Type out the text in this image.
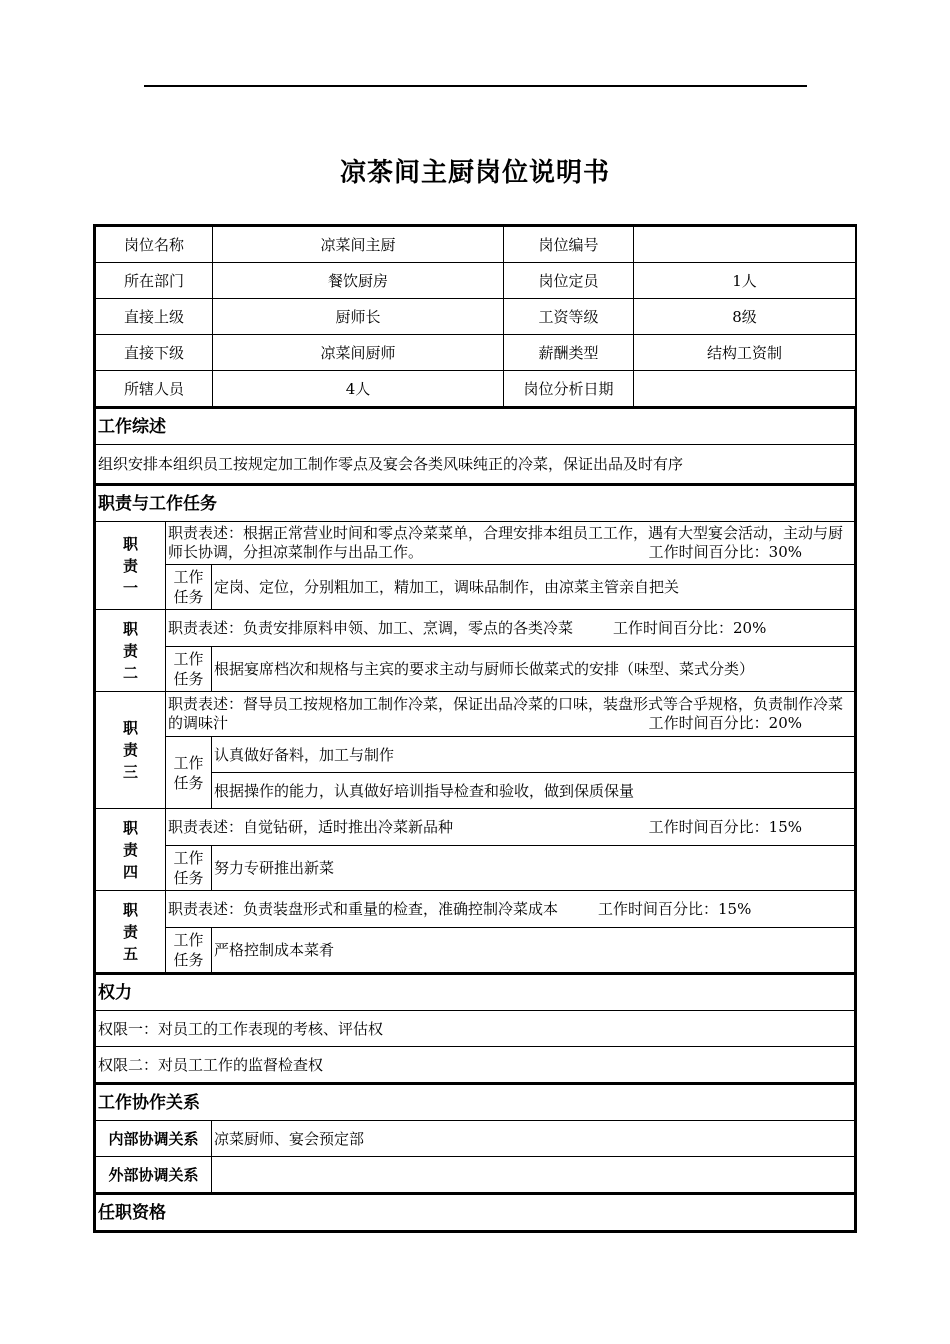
凉茶间主厨岗位说明书
岗位名称	凉菜间主厨	岗位编号	
所在部门	餐饮厨房	岗位定员	1人
直接上级	厨师长	工资等级	8级
直接下级	凉菜间厨师	薪酬类型	结构工资制
所辖人员	4人	岗位分析日期	
工作综述
组织安排本组织员工按规定加工制作零点及宴会各类风味纯正的冷菜，保证出品及时有序
职责与工作任务		

职
责
一	职责表述：根据正常营业时间和零点冷菜菜单，合理安排本组员工工作，遇有大型宴会活动，主动与厨师长协调，分担凉菜制作与出品工作。 工作时间百分比：30%	

	工作
任务	定岗、定位，分别粗加工，精加工，调味品制作，由凉菜主管亲自把关

职
责
二	职责表述：负责安排原料申领、加工、烹调，零点的各类冷菜 工作时间百分比：20%	
	工作
任务	根据宴席档次和规格与主宾的要求主动与厨师长做菜式的安排（味型、菜式分类）

职
责
三	职责表述：督导员工按规格加工制作冷菜，保证出品冷菜的口味，装盘形式等合乎规格，负责制作冷菜的调味汁 工作时间百分比：20%	

	工作
任务	认真做好备料，加工与制作
		根据操作的能力，认真做好培训指导检查和验收，做到保质保量

职
责
四	职责表述：自觉钻研，适时推出冷菜新品种 工作时间百分比：15%	

	工作
任务	努力专研推出新菜

职
责
五	职责表述：负责装盘形式和重量的检查，准确控制冷菜成本 工作时间百分比：15%	
	工作
任务	严格控制成本菜肴
权力
权限一：对员工的工作表现的考核、评估权
权限二：对员工工作的监督检查权
工作协作关系	
内部协调关系	凉菜厨师、宴会预定部
外部协调关系	
任职资格
